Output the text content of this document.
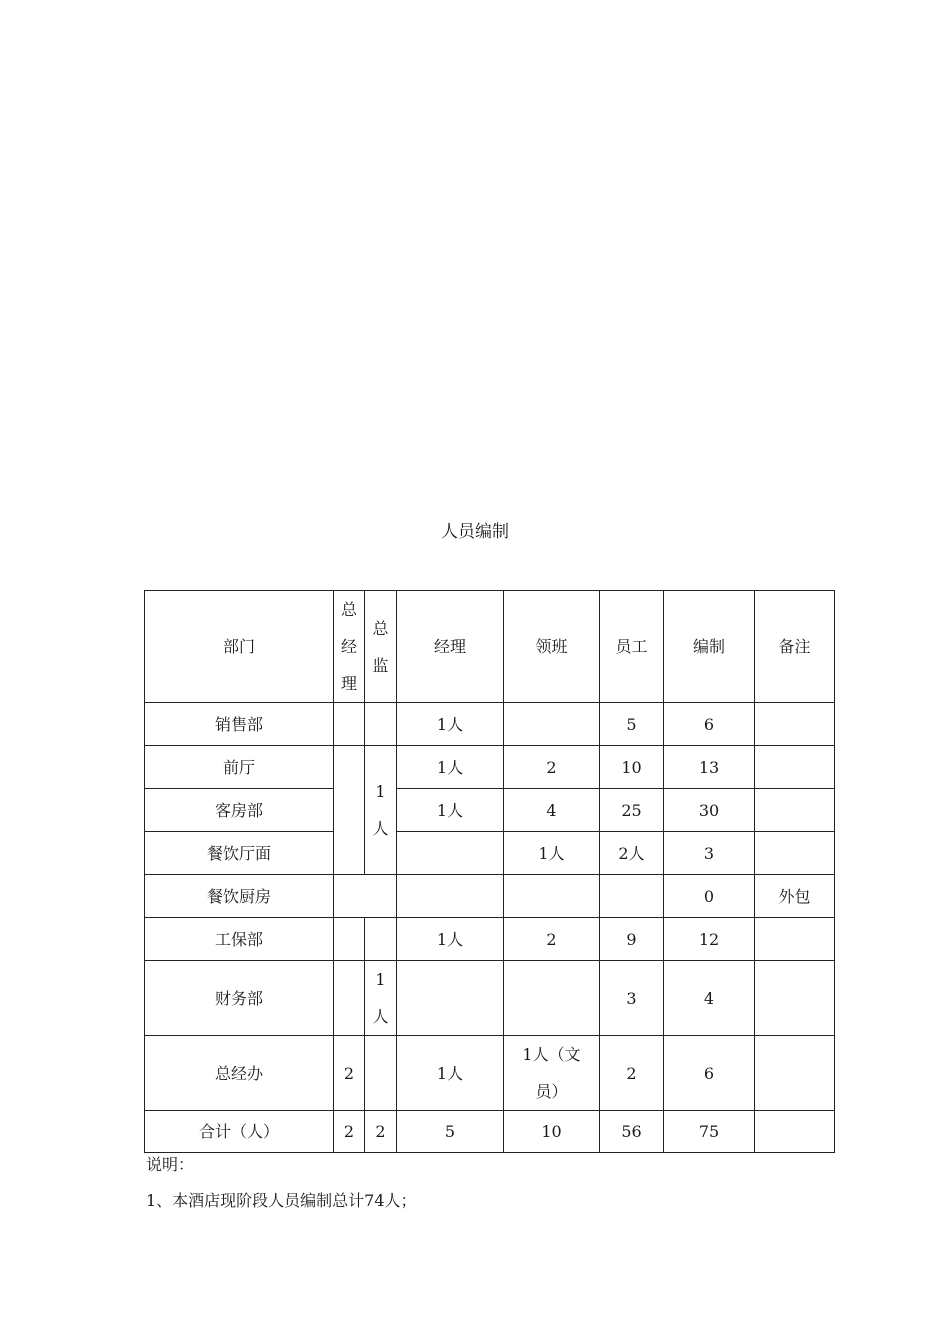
人员编制
部门	总经理	总监	经理	领班	员工	编制	备注
销售部			1人		5	6	
前厅		1人	1人	2	10	13	
客房部			1人	4	25	30	
餐饮厅面				1人	2人	3	
餐饮厨房						0	外包
工保部			1人	2	9	12	
财务部		1人			3	4	
总经办	2		1人	1人（文员）	2	6	
合计（人）	2	2	5	10	56	75	
说明：
1、本酒店现阶段人员编制总计74人；
